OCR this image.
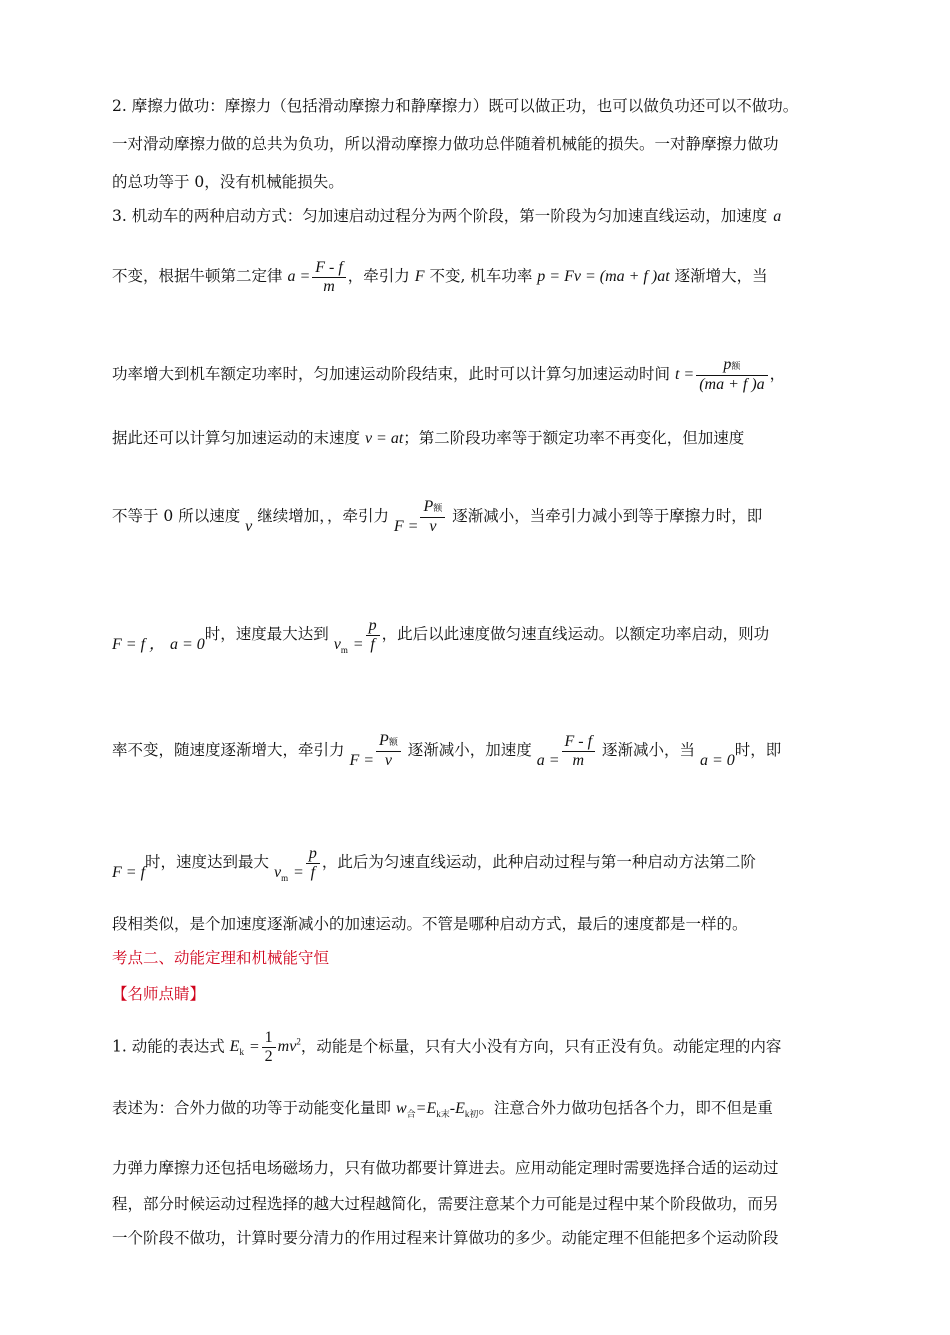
2. 摩擦力做功：摩擦力（包括滑动摩擦力和静摩擦力）既可以做正功，也可以做负功还可以不做功。
一对滑动摩擦力做的总共为负功，所以滑动摩擦力做功总伴随着机械能的损失。一对静摩擦力做功
的总功等于 0，没有机械能损失。
3. 机动车的两种启动方式：匀加速启动过程分为两个阶段，第一阶段为匀加速直线运动，加速度 a
不变，根据牛顿第二定律 $a = \frac{F - f}{m}$ ，牵引力 F 不变, 机车功率 p = Fv = (ma + f )at 逐渐增大，当
功率增大到机车额定功率时，匀加速运动阶段结束，此时可以计算匀加速运动时间 $t = \frac{\text{p额}}{(ma + f )a}$ ，
据此还可以计算匀加速运动的末速度 v = at；第二阶段功率等于额定功率不再变化，但加速度
不等于 0 所以速度 v 继续增加，，牵引力 $F = \frac{\text{P额}}{v}$ 逐渐减小，当牵引力减小到等于摩擦力时，即
F = f ， a = 0时，速度最大达到 $v_m = \frac{p}{f}$ ，此后以此速度做匀速直线运动。以额定功率启动，则功
率不变，随速度逐渐增大，牵引力 $F = \frac{\text{P额}}{v}$ 逐渐减小，加速度 $a = \frac{F - f}{m}$ 逐渐减小，当 a = 0时，即
F = f时，速度达到最大 $v_m = \frac{p}{f}$ ，此后为匀速直线运动，此种启动过程与第一种启动方法第二阶
段相类似，是个加速度逐渐减小的加速运动。不管是哪种启动方式，最后的速度都是一样的。
考点二、动能定理和机械能守恒
【名师点睛】
1. 动能的表达式 $E_k = \frac{1}{2} mv^2$，动能是个标量，只有大小没有方向，只有正没有负。动能定理的内容
表述为：合外力做的功等于动能变化量即 $w_合=E_{k末}-E_{k初}$。注意合外力做功包括各个力，即不但是重
力弹力摩擦力还包括电场磁场力，只有做功都要计算进去。应用动能定理时需要选择合适的运动过
程，部分时候运动过程选择的越大过程越简化，需要注意某个力可能是过程中某个阶段做功，而另
一个阶段不做功，计算时要分清力的作用过程来计算做功的多少。动能定理不但能把多个运动阶段
